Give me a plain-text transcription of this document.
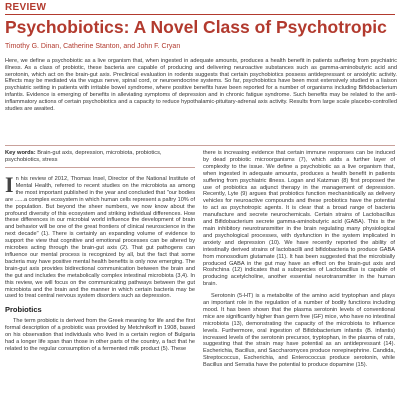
REVIEW
Psychobiotics: A Novel Class of Psychotropic
Timothy G. Dinan, Catherine Stanton, and John F. Cryan
Here, we define a psychobiotic as a live organism that, when ingested in adequate amounts, produces a health benefit in patients suffering from psychiatric illness. As a class of probiotic, these bacteria are capable of producing and delivering neuroactive substances such as gamma-aminobutyric acid and serotonin, which act on the brain-gut axis. Preclinical evaluation in rodents suggests that certain psychobiotics possess antidepressant or anxiolytic activity. Effects may be mediated via the vagus nerve, spinal cord, or neuroendocrine systems. So far, psychobiotics have been most extensively studied in a liaison psychiatric setting in patients with irritable bowel syndrome, where positive benefits have been reported for a number of organisms including Bifidobacterium infantis. Evidence is emerging of benefits in alleviating symptoms of depression and in chronic fatigue syndrome. Such benefits may be related to the anti-inflammatory actions of certain psychobiotics and a capacity to reduce hypothalamic-pituitary-adrenal axis activity. Results from large scale placebo-controlled studies are awaited.
Key words: Brain-gut axis, depression, microbiota, probiotics, psychobiotics, stress

In his review of 2012, Thomas Insel, Director of the National Institute of Mental Health, referred to recent studies on the microbiota as among the most important published in the year and concluded that "our bodies are ......a complex ecosystem in which human cells represent a paltry 10% of the population. But beyond the sheer numbers, we now know about the profound diversity of this ecosystem and striking individual differences. How these differences in our microbial world influence the development of brain and behavior will be one of the great frontiers of clinical neuroscience in the next decade" (1). There is certainly an expanding volume of evidence to support the view that cognitive and emotional processes can be altered by microbes acting through the brain-gut axis (2). That gut pathogens can influence our mental process is recognized by all, but the fact that some bacteria may have positive mental health benefits is only now emerging. The brain-gut axis provides bidirectional communication between the brain and the gut and includes the metabolically complex intestinal microbiota (3,4). In this review, we will focus on the communicating pathways between the gut microbiota and the brain and the manner in which certain bacteria may be used to treat central nervous system disorders such as depression.

Probiotics

The term probiotic is derived from the Greek meaning for life and the first formal description of a probiotic was provided by Metchnikoff in 1908, based on his observation that individuals who lived in a certain region of Bulgaria had a longer life span than those in other parts of the country, a fact that he related to the regular consumption of a fermented milk product (5). These

there is increasing evidence that certain immune responses can be induced by dead probiotic microorganisms (7), which adds a further layer of complexity to the issue. We define a psychobiotic as a live organism that, when ingested in adequate amounts, produces a health benefit in patients suffering from psychiatric illness. Logan and Katzman (8) first proposed the use of probiotics as adjunct therapy in the management of depression. Recently, Lyte (9) argues that probiotics function mechanistically as delivery vehicles for neuroactive compounds and these probiotics have the potential to act as psychotropic agents. It is clear that a broad range of bacteria manufacture and secrete neurochemicals. Certain strains of Lactobacillus and Bifidobacterium secrete gamma-aminobutyric acid (GABA). This is the main inhibitory neurotransmitter in the brain regulating many physiological and psychological processes, with dysfunction in the system implicated in anxiety and depression (10). We have recently reported the ability of intestinally derived strains of lactobacilli and bifidobacteria to produce GABA from monosodium glutamate (11). It has been suggested that the microbially produced GABA in the gut may have an effect on the brain-gut axis and Roshchina (12) indicates that a subspecies of Lactobacillus is capable of producing acetylcholine, another essential neurotransmitter in the human brain.

Serotonin (5-HT) is a metabolite of the amino acid tryptophan and plays an important role in the regulation of a number of bodily functions including mood. It has been shown that the plasma serotonin levels of conventional mice are significantly higher than germ free (GF) mice, who have no intestinal microbiota (13), demonstrating the capacity of the microbiota to influence levels. Furthermore, oral ingestion of Bifidobacterium infantis (B. infantis) increased levels of the serotonin precursor, tryptophan, in the plasma of rats, suggesting that the strain may have potential as an antidepressant (14). Escherichia, Bacillus, and Saccharomyces produce norepinephrine. Candida, Streptococcus, Escherichia, and Enterococcus produce serotonin, while Bacillus and Serratia have the potential to produce dopamine (15).
